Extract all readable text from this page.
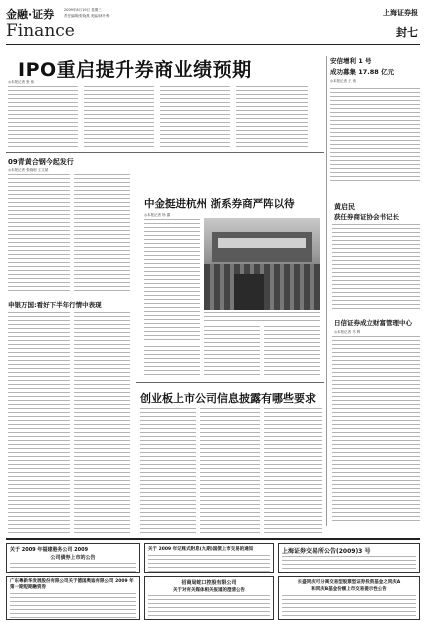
金融·证券
Finance
2009年8月19日 星期三
责任编辑/张晓燕 美编/林升骅	上海证券报
封七
IPO重启提升券商业绩预期
◎本报记者 张 伟
安信增利 1 号
成功募集 17.88 亿元
◎本报记者 王 伟
09青黄合钢今起发行
◎本报记者 张晓明 王文斌
申银万国:看好下半年行情中表现
中金挺进杭州 浙系券商严阵以待
◎本报记者 杨 露
黄启民
获任券商证协会书记长
日信证券成立财富管理中心
◎本报记者 马 辉
创业板上市公司信息披露有哪些要求
关于 2009 年福建港务公司 2009
公司债券上市的公告
关于 2009 年记账式附息(九期)国债上市交易的通知	上海证券交易所公告(2009)3 号
广东粤新华发展股份有限公司关于德国奥迪有限公司 2009 年第一期短期融资券
招商局蛇口控股有限公司
关于对有关媒体相关报道的澄清公告
长盛同庆可分离交易型股票型证券投资基金之同庆A
和同庆B基金份额上市交易提示性公告
